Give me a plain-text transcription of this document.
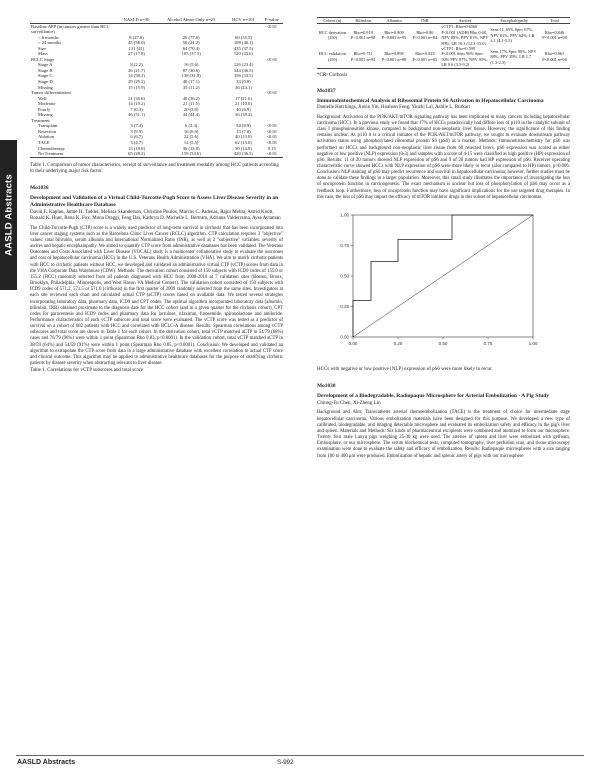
AASLD Abstracts
	NASLD n=30	Alcohol Abuse Only n=25	HCV n=101	P-value
Baseline AFP (in tumors greater than HCC surveillance)				<0.01
< 6 months	8 (27.6)	20 (77.6)	60 (35.5)	
> 24 months	45 (58.0)	50 (24.2)	108 (46.1)	
Size	131 (41)	64 (70.4)	435 (37.5)	
Mass	27 (17.8)	105 (37.5)	120 (43.6)	
BCLC Stage				<0.01
Stage A	8 (2.2)	16 (5.6)	126 (23.4)	
Stage B	26 (21.7)	87 (30.6)	344 (36.5)	
Stage C	14 (58.2)	138 (31.8)	356 (33.5)	
Stage D	29 (29.2)	40 (17.1)	33 (0.8)	
Missing	15 (15.9)	35 (11.2)	36 (24.1)	
Tumor differentiation				<0.01
Well	21 (35.6)	40 (36.2)	17 (21.6)	
Moderate	14 (19.2)	21 (11.5)	21 (10.0)	
Poorly	7 (0.3)	20 (5.9)	40 (6.9)	
Missing	46 (51.1)	44 (44.4)	36 (39.4)	
Treatment				
Transplant	3 (7.4)	6 (2.3)	54 (8.9)	<0.01
Resection	3 (9.9)	16 (6.9)	13 (7.0)	<0.01
Ablation	6 (6.7)	22 (5.6)	40 (13.0)	<0.01
TACE	3 (4.7)	12 (5.5)	62 (13.0)	<0.01
Chemotherapy	13 (19.6)	36 (13.0)	50 (13.0)	0.15
No Treatment	65 (28.2)	159 (54.6)	420 (36.5)	<0.01
Table 1. Comparison of tumor characteristics, receipt of surveillance and treatment modality among HCC patients according to their underlying major risk factor.
Mo1036
Development and Validation of a Virtual Child-Turcotte-Pugh Score to Assess Liver Disease Severity in an Administrative Healthcare Database
David E. Kaplan, Jamie H. Taddei, Melissa Skanderson, Christine Poulos, Marcus C. Padenas, Rajni Mehta, Astrid Knott, Ronald K. Hunt, Rena K. Fox, Mona Draggi, Feng Dai, Kathryn D. Michelle L. Bertram, Adriana Valderrama, Ayse Aytaman
The Child-Turcotte-Pugh (CTP) score is a widely used predictor of long-term survival in cirrhosis that has been incorporated into liver cancer staging systems such as the Barcelona Clinic Liver Cancer (BCLC) algorithm. CTP calculation requires 3 "objective" values: total bilirubin, serum albumin and International Normalized Ratio (INR), as well as 2 "subjective" variables: severity of ascites and hepatic encephalopathy. We aimed to quantify CTP score from administrative databases has been validated. The Veterans Outcomes and Costs Associated with Liver Disease (VOCAL) study is a multicenter collaborative study to evaluate the outcomes and cost of hepatocellular carcinoma (HCC) in the U.S. Veterans Health Administration (VHA). We aim to match cirrhotic patients with HCC to cirrhotic patients without HCC, we developed and validated an administrative virtual CTP (vCTP) scores from data in the VHA Corporate Data Warehouse (CDW). Methods: The derivation cohort consisted of 150 subjects with ICD9 codes of 155.0 or 155.2 (HCC) randomly selected from all patients diagnosed with HCC from 2008-2010 at 7 validation sites (Boston, Bronx, Brooklyn, Philadelphia, Minneapolis, and West Haven VA Medical Centers). The validation cohort consisted of 150 subjects with ICD9 codes of 571.2, 571.5 or 571.6 (cirrhosis) in the first quarter of 2009 randomly selected from the same sites. Investigators at each site reviewed each chart and calculated actual CTP (aCTP) scores based on available data. We tested several strategies incorporating laboratory data, pharmacy data, ICD9 and CPT codes. The optimal algorithm incorporated laboratory data (albumin, bilirubin, INR) obtained proximate to the diagnosis date for the HCC cohort (and in a given quarter for the cirrhosis cohort), CPT codes for paracentesis and ICD9 codes and pharmacy data for lactulose, rifaximin, furosemide, spironolactone and amiloride. Performance characteristics of each vCTP subscore and total score were evaluated. The vCTP score was tested as a predictor of survival on a cohort of 682 patients with HCC and correlated with BCLC-A disease. Results: Spearman correlations among vCTP subscores and total score are shown in Table 1 for each cohort. In the derivation cohort, total vCTP matched aCTP in 54/79 (68%) cases and 76/79 (96%) were within 1 point (Spearman Rho 0.83, p<0.0001). In the validation cohort, total vCTP matched aCTP in 38/59 (64%) and 54/59 (91%) were within 1 point (Spearman Rho 0.85, p<0.0001). Conclusion: We developed and validated an algorithm to extrapolate the CTP score from data in a large administrative database with excellent correlation to actual CTP score and clinical outcome. This algorithm may be applied to administrative healthcare databases for the purpose of stratifying cirrhotic patients by disease severity when abstracting relevant to liver disease.
Table 1. Correlations for vCTP subscores and total score
Cohort (n)	Bilirubin	Albumin	INR	Ascites	Encephalopathy	Total
HCC derivation (150)	Rho=0.919 P<0.001 n=98	Rho=0.909 P<0.001 n=95	Rho=0.86 P<0.001 n=84	vCTP1: Rho=0.6560 P<0.001 (ADH) Rho 0.68, NPV 88%, PPV 81%, NPV 89%, LR 10.3 (12.3-15.0)	Sens 11, 65% Spec 67%, NPV 81%, PPV 62%, LR 4.1 (4.1-5.5)	Rho=0.846 P<0.001 n=98
HCC validation (150)	Rho=0.711 P<0.001 n=94	Rho=0.898 P<0.001 n=88	Rho=0.823 P<0.001 n=83	vCTP1: Rho=0.599 P<0.001 Sens 96% Spec 90% PPV 87%, NPV 95%, LR 9.6 (3.5-9.2)	Sens 17% Spec 90%, NPV 88%, PPV 39%, LR 1.7 (1.3-2.3)	Rho=0.861 P<0.001 n=96
*CR=Cirrhosis
Mo1037
Immunohistochemical Analysis of Ribosomal Protein S6 Activation in Hepatocellular Carcinoma
Danielle Hutchings, Jiaxin Yin, Hoaloan Feng, Yinzhi Lai, Ashlie L. Burkart
Background: Activation of the PI3K/AKT/mTOR signaling pathway has been implicated in many cancers including hepatocellular carcinoma (HCC). In a previous study we found that 17% of HCCs paradoxically had diffuse loss of p110 in the catalytic subunit of class I phosphoinositide kinase, compared to background non-neoplastic liver tissue. However, the significance of this finding remains unclear. As p110 it is a critical initiator of the PI3K/AKT/mTOR pathway, we sought to evaluate downstream pathway activation status using phosphorylated ribosomal protein S6 (pS6) as a marker. Methods: Immunohistochemistry for pS6 was performed on HCCs and background non-neoplastic liver tissue from 60 resected livers. pS6 expression was scored as either negative or low positive (NLP) expression (0-3) and samples with a score of 4-15 were classified as high positive (HP) expression of pS6. Results: 11 of 20 tumors showed NLP expression of pS6 and 9 of 20 tumors had HP expression of pS6. Receiver operating characteristic curve showed HCCs with NLP expression of pS6 were more likely to recur (also compared to HP) tumors, p=0.006. Conclusion: NLP staining of pS6 may predict recurrence and survival in hepatocellular carcinoma; however, further studies must be done to validate these findings in a larger population. Moreover, this small study illustrates the importance of investigating the loss of oncoprotein function in carcinogenesis. The exact mechanism is unclear but loss of phosphorylation of pS6 may occur as a feedback loop. Furthermore, loss of oncoprotein function may have significant implications for the use targeted drug therapies. In this case, the loss of pS6 may impact the efficacy of mTOR inhibitor drugs in this subset of hepatocellular carcinomas.
0.00	0.25	0.50	0.75	1.00
0.00
0.25
0.50
0.75
1.00
HCCs with negative or low positive (NLP) expression of pS6 were more likely to recur.
Mo1038
Development of a Biodegradable, Radiopaque Microsphere for Arterial Embolization - A Pig Study
Chiung-Fu Chen, Xi-Zheng Lin
Background and Aim: Transcatheter arterial chemoembolization (TACE) is the treatment of choice for intermediate stage hepatocellular carcinoma. Various embolization materials have been designed for this purpose. We developed a new type of calibrated, biodegradable, and imaging detectable microsphere and evaluated its embolization safety and efficacy in the pig's liver and spleen. Materials and Methods: Six kinds of pharmaceutical excipients were combined and atomized to form our microsphere. Twenty four male Lanyu pigs weighing 25-30 kg were used. The arteries of spleen and liver were embolized with gelfoam, Embosphere, or our microsphere. The serum biochemical tests, computed tomography, liver perfusion scan, and tissue microscopy examination were done to evaluate the safety and efficacy of embolization. Results: Radiopaque microspheres with a size ranging from 100 to 400 μm were produced. Embolization of hepatic and splenic artery of pigs with our microsphere
AASLD Abstracts	S-992
